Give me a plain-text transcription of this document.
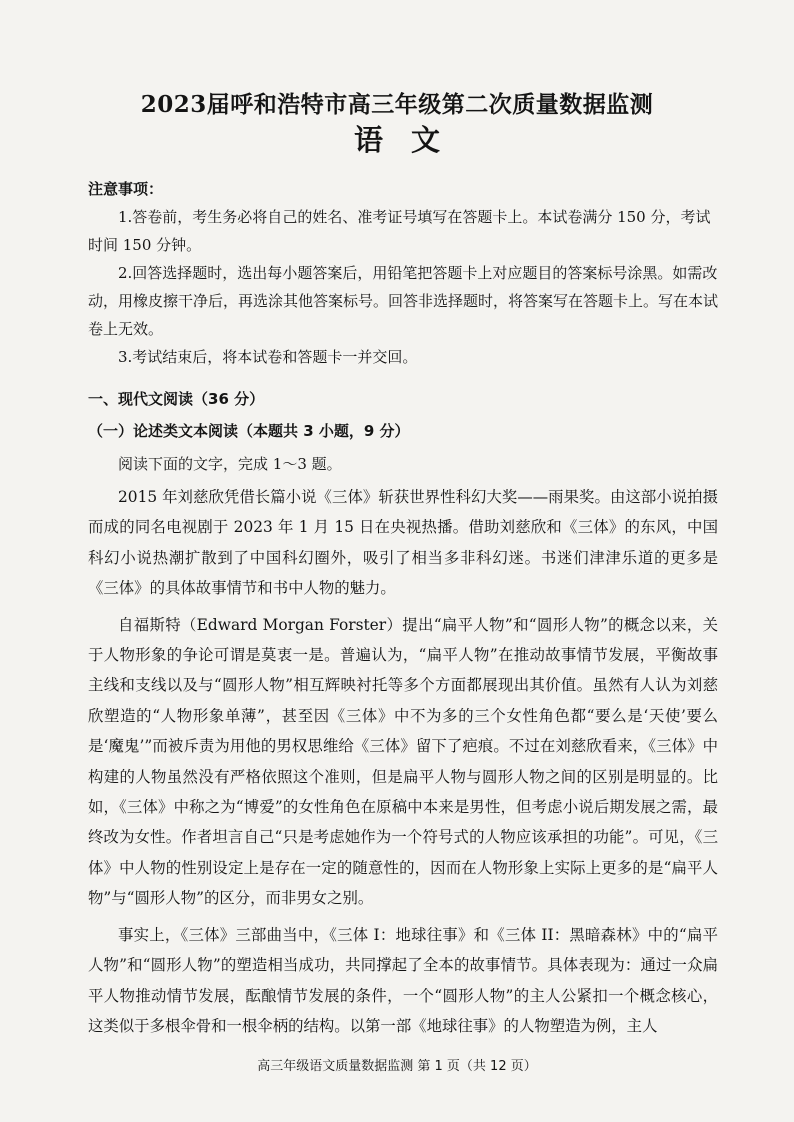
2023届呼和浩特市高三年级第二次质量数据监测
语文
注意事项：

1.答卷前，考生务必将自己的姓名、准考证号填写在答题卡上。本试卷满分 150 分，考试时间 150 分钟。

2.回答选择题时，选出每小题答案后，用铅笔把答题卡上对应题目的答案标号涂黑。如需改动，用橡皮擦干净后，再选涂其他答案标号。回答非选择题时，将答案写在答题卡上。写在本试卷上无效。

3.考试结束后，将本试卷和答题卡一并交回。

一、现代文阅读（36 分）
（一）论述类文本阅读（本题共 3 小题，9 分）
阅读下面的文字，完成 1～3 题。

2015 年刘慈欣凭借长篇小说《三体》斩获世界性科幻大奖——雨果奖。由这部小说拍摄而成的同名电视剧于 2023 年 1 月 15 日在央视热播。借助刘慈欣和《三体》的东风，中国科幻小说热潮扩散到了中国科幻圈外，吸引了相当多非科幻迷。书迷们津津乐道的更多是《三体》的具体故事情节和书中人物的魅力。

自福斯特（Edward Morgan Forster）提出“扁平人物”和“圆形人物”的概念以来，关于人物形象的争论可谓是莫衷一是。普遍认为，“扁平人物”在推动故事情节发展，平衡故事主线和支线以及与“圆形人物”相互辉映衬托等多个方面都展现出其价值。虽然有人认为刘慈欣塑造的“人物形象单薄”，甚至因《三体》中不为多的三个女性角色都“要么是‘天使’要么是‘魔鬼’”而被斥责为用他的男权思维给《三体》留下了疤痕。不过在刘慈欣看来，《三体》中构建的人物虽然没有严格依照这个准则，但是扁平人物与圆形人物之间的区别是明显的。比如，《三体》中称之为“博爱”的女性角色在原稿中本来是男性，但考虑小说后期发展之需，最终改为女性。作者坦言自己“只是考虑她作为一个符号式的人物应该承担的功能”。可见，《三体》中人物的性别设定上是存在一定的随意性的，因而在人物形象上实际上更多的是“扁平人物”与“圆形人物”的区分，而非男女之别。

事实上，《三体》三部曲当中，《三体 I：地球往事》和《三体 II：黑暗森林》中的“扁平人物”和“圆形人物”的塑造相当成功，共同撑起了全本的故事情节。具体表现为：通过一众扁平人物推动情节发展，酝酿情节发展的条件，一个“圆形人物”的主人公紧扣一个概念核心，这类似于多根伞骨和一根伞柄的结构。以第一部《地球往事》的人物塑造为例，主人

高三年级语文质量数据监测 第 1 页（共 12 页）
